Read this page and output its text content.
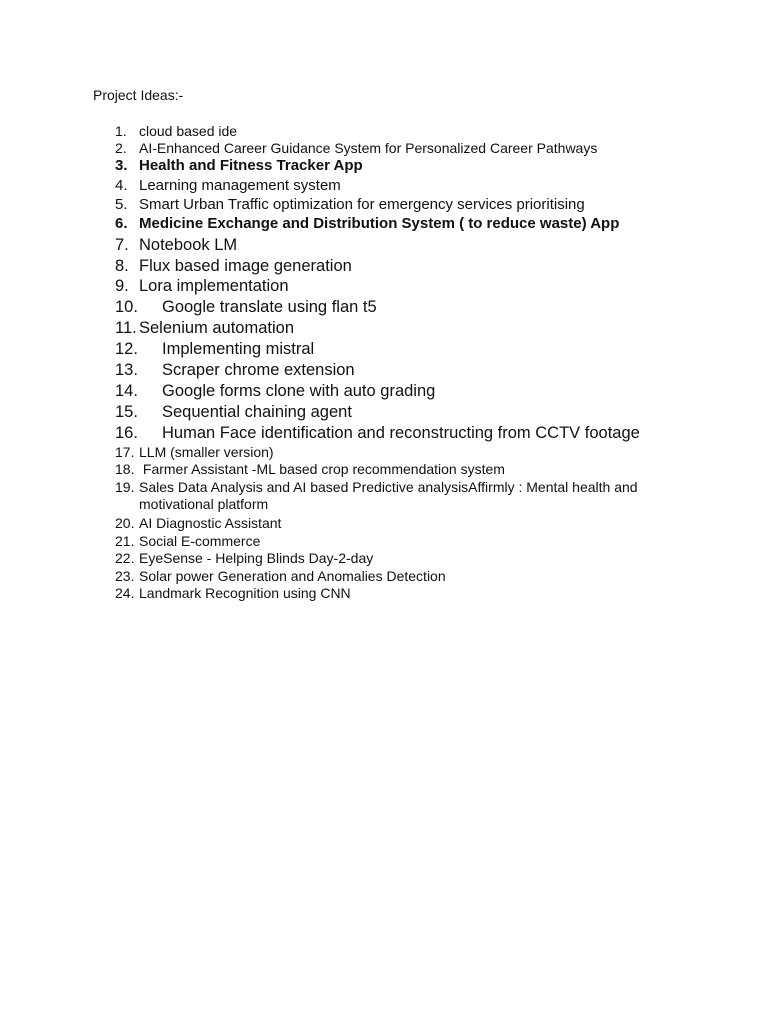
Project Ideas:-
1. cloud based ide
2. AI-Enhanced Career Guidance System for Personalized Career Pathways
3. Health and Fitness Tracker App
4. Learning management system
5. Smart Urban Traffic optimization for emergency services prioritising
6. Medicine Exchange and Distribution System ( to reduce waste) App
7. Notebook LM
8. Flux based image generation
9. Lora implementation
10. Google translate using flan t5
11. Selenium automation
12. Implementing mistral
13. Scraper chrome extension
14. Google forms clone with auto grading
15. Sequential chaining agent
16. Human Face identification and reconstructing from CCTV footage
17. LLM (smaller version)
18. Farmer Assistant -ML based crop recommendation system
19. Sales Data Analysis and AI based Predictive analysisAffirmly : Mental health and motivational platform
20. AI Diagnostic Assistant
21. Social E-commerce
22. EyeSense - Helping Blinds Day-2-day
23. Solar power Generation and Anomalies Detection
24. Landmark Recognition using CNN
